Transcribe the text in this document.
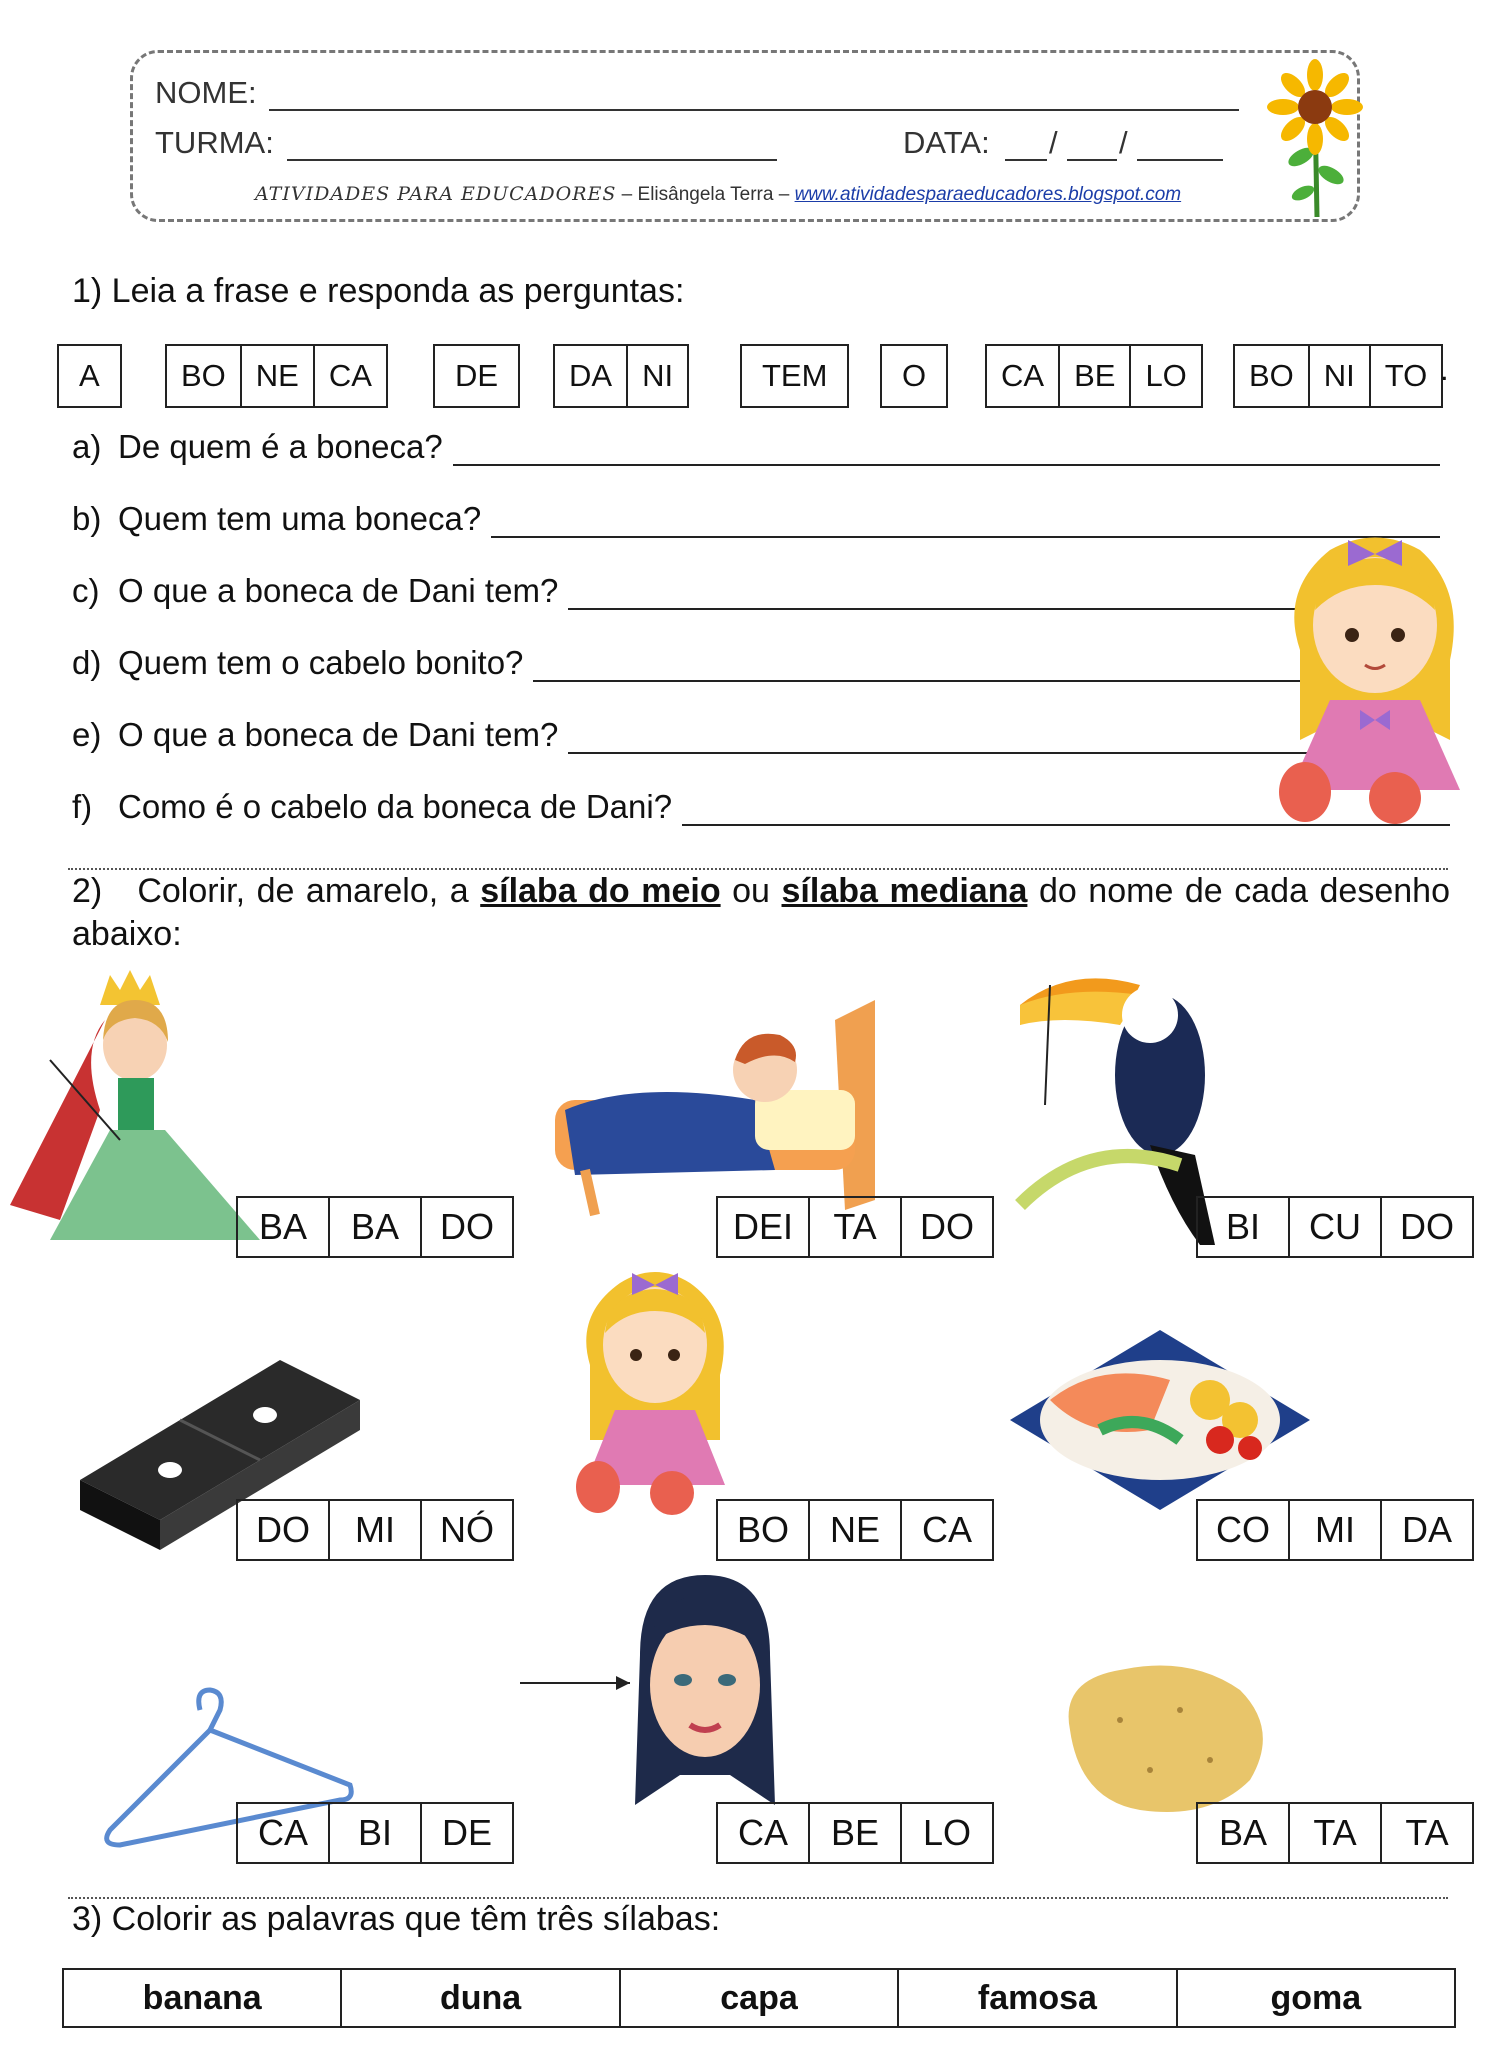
NOME:
TURMA:	DATA: / /
ATIVIDADES PARA EDUCADORES – Elisângela Terra – www.atividadesparaeducadores.blogspot.com
1) Leia a frase e responda as perguntas:
A	BO NE CA	DE	DA NI	TEM	O	CA BE LO	BO NI TO .
a) De quem é a boneca?
b) Quem tem uma boneca?
c) O que a boneca de Dani tem?
d) Quem tem o cabelo bonito?
e) O que a boneca de Dani tem?
f) Como é o cabelo da boneca de Dani?
2) Colorir, de amarelo, a sílaba do meio ou sílaba mediana do nome de cada desenho abaixo:
BA	BA	DO	DEI	TA	DO	BI	CU	DO
DO	MI	NÓ	BO	NE	CA	CO	MI	DA
CA	BI	DE	CA	BE	LO	BA	TA	TA
3) Colorir as palavras que têm três sílabas:
banana	duna	capa	famosa	goma
